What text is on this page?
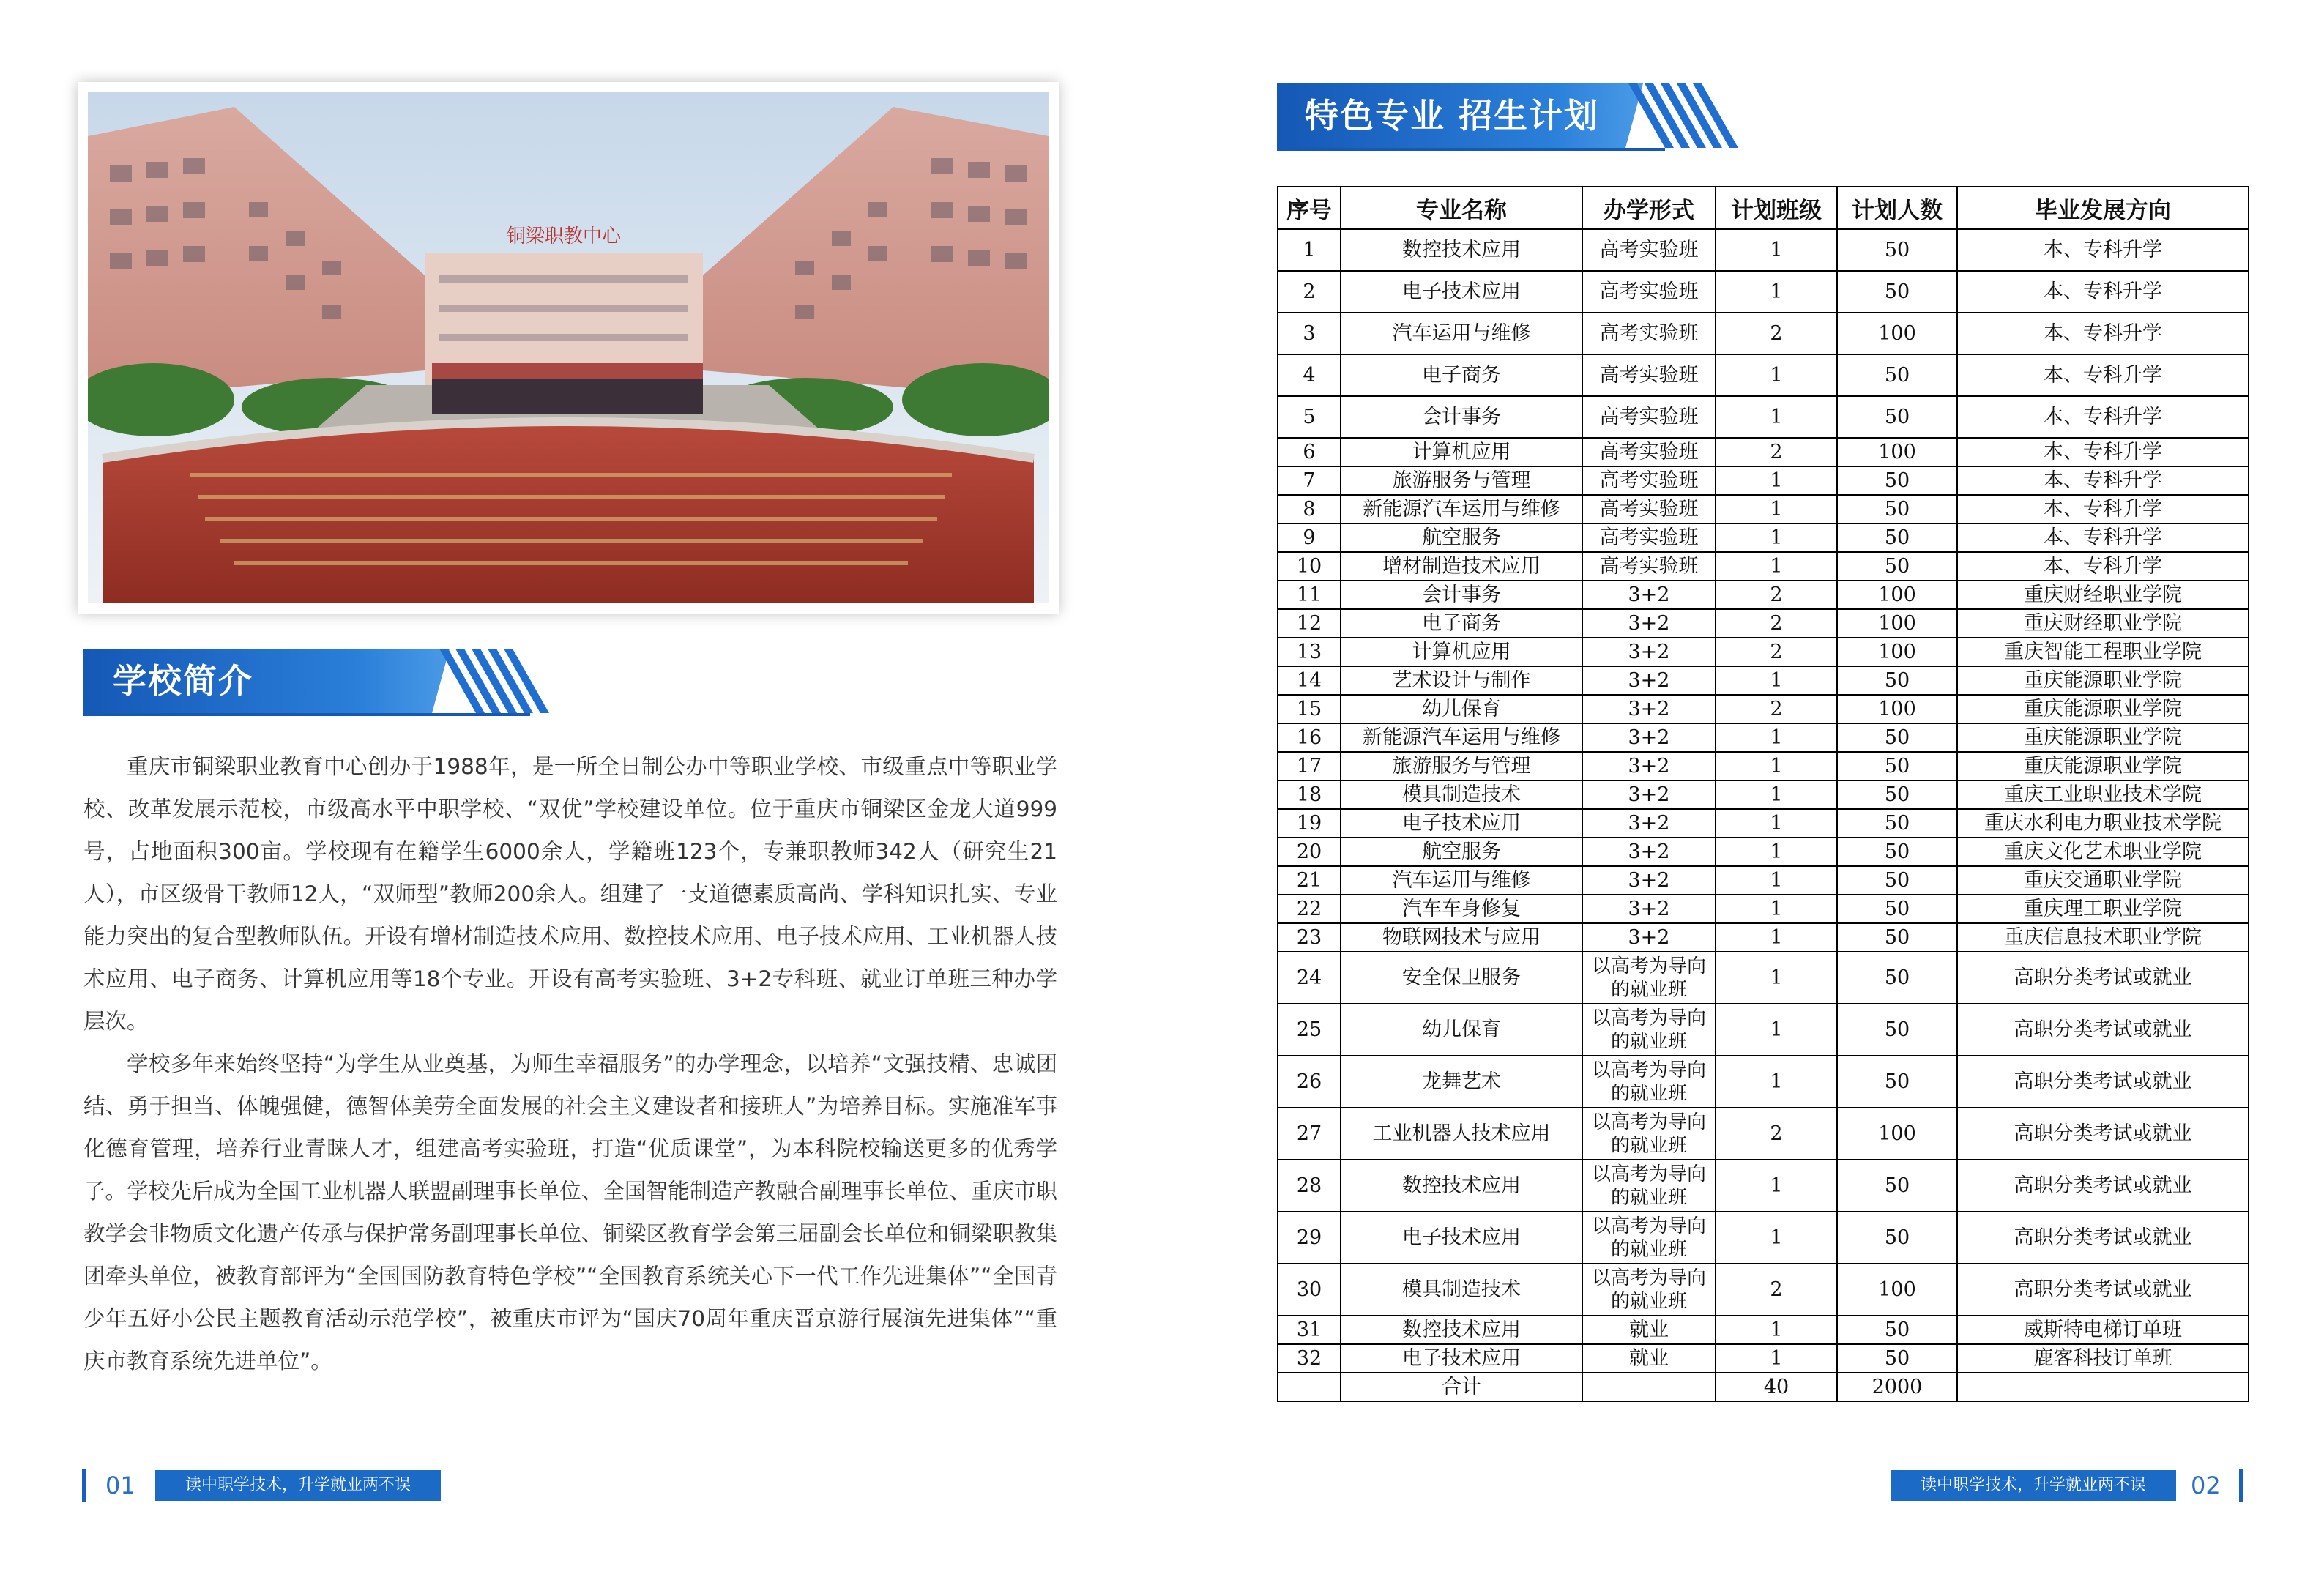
铜梁职教中心
学校简介

重庆市铜梁职业教育中心创办于1988年，是一所全日制公办中等职业学校、市级重点中等职业学校、改革发展示范校，市级高水平中职学校、“双优”学校建设单位。位于重庆市铜梁区金龙大道999号，占地面积300亩。学校现有在籍学生6000余人，学籍班123个，专兼职教师342人（研究生21人），市区级骨干教师12人，“双师型”教师200余人。组建了一支道德素质高尚、学科知识扎实、专业能力突出的复合型教师队伍。开设有增材制造技术应用、数控技术应用、电子技术应用、工业机器人技术应用、电子商务、计算机应用等18个专业。开设有高考实验班、3+2专科班、就业订单班三种办学层次。

学校多年来始终坚持“为学生从业奠基，为师生幸福服务”的办学理念，以培养“文强技精、忠诚团结、勇于担当、体魄强健，德智体美劳全面发展的社会主义建设者和接班人”为培养目标。实施准军事化德育管理，培养行业青睐人才，组建高考实验班，打造“优质课堂”，为本科院校输送更多的优秀学子。学校先后成为全国工业机器人联盟副理事长单位、全国智能制造产教融合副理事长单位、重庆市职教学会非物质文化遗产传承与保护常务副理事长单位、铜梁区教育学会第三届副会长单位和铜梁职教集团牵头单位，被教育部评为“全国国防教育特色学校”“全国教育系统关心下一代工作先进集体”“全国青少年五好小公民主题教育活动示范学校”，被重庆市评为“国庆70周年重庆晋京游行展演先进集体”“重庆市教育系统先进单位”。

01	读中职学技术，升学就业两不误
特色专业 招生计划
序号	专业名称	办学形式	计划班级	计划人数	毕业发展方向
1	数控技术应用	高考实验班	1	50	本、专科升学
2	电子技术应用	高考实验班	1	50	本、专科升学
3	汽车运用与维修	高考实验班	2	100	本、专科升学
4	电子商务	高考实验班	1	50	本、专科升学
5	会计事务	高考实验班	1	50	本、专科升学
6	计算机应用	高考实验班	2	100	本、专科升学
7	旅游服务与管理	高考实验班	1	50	本、专科升学
8	新能源汽车运用与维修	高考实验班	1	50	本、专科升学
9	航空服务	高考实验班	1	50	本、专科升学
10	增材制造技术应用	高考实验班	1	50	本、专科升学
11	会计事务	3+2	2	100	重庆财经职业学院
12	电子商务	3+2	2	100	重庆财经职业学院
13	计算机应用	3+2	2	100	重庆智能工程职业学院
14	艺术设计与制作	3+2	1	50	重庆能源职业学院
15	幼儿保育	3+2	2	100	重庆能源职业学院
16	新能源汽车运用与维修	3+2	1	50	重庆能源职业学院
17	旅游服务与管理	3+2	1	50	重庆能源职业学院
18	模具制造技术	3+2	1	50	重庆工业职业技术学院
19	电子技术应用	3+2	1	50	重庆水利电力职业技术学院
20	航空服务	3+2	1	50	重庆文化艺术职业学院
21	汽车运用与维修	3+2	1	50	重庆交通职业学院
22	汽车车身修复	3+2	1	50	重庆理工职业学院
23	物联网技术与应用	3+2	1	50	重庆信息技术职业学院
24	安全保卫服务	以高考为导向的就业班	1	50	高职分类考试或就业
25	幼儿保育	以高考为导向的就业班	1	50	高职分类考试或就业
26	龙舞艺术	以高考为导向的就业班	1	50	高职分类考试或就业
27	工业机器人技术应用	以高考为导向的就业班	2	100	高职分类考试或就业
28	数控技术应用	以高考为导向的就业班	1	50	高职分类考试或就业
29	电子技术应用	以高考为导向的就业班	1	50	高职分类考试或就业
30	模具制造技术	以高考为导向的就业班	2	100	高职分类考试或就业
31	数控技术应用	就业	1	50	威斯特电梯订单班
32	电子技术应用	就业	1	50	鹿客科技订单班
	合计		40	2000	
读中职学技术，升学就业两不误	02
